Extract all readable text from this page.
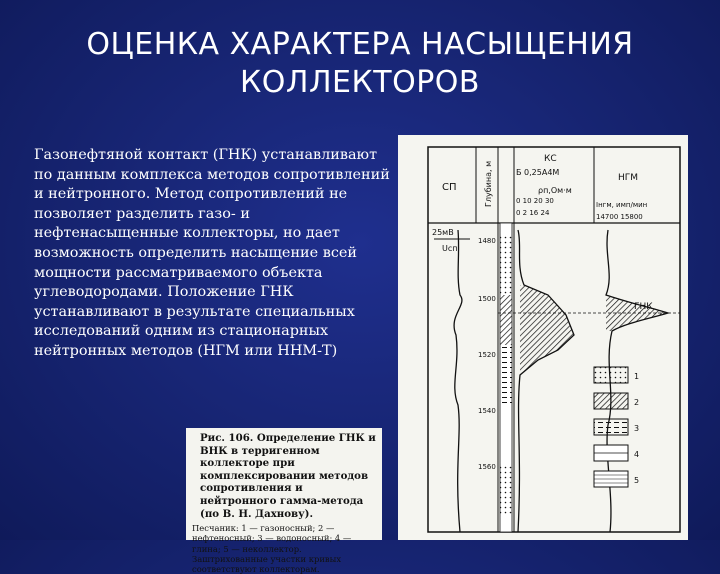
ОЦЕНКА ХАРАКТЕРА НАСЫЩЕНИЯ
КОЛЛЕКТОРОВ
Газонефтяной контакт (ГНК) устанавливают по данным комплекса методов сопротивлений и нейтронного. Метод сопротивлений не позволяет разделить газо- и нефтенасыщенные коллекторы, но дает возможность определить насыщение всей мощности рассматриваемого объекта углеводородами. Положение ГНК устанавливают в результате специальных исследований одним из стационарных нейтронных методов (НГМ или ННМ-Т)
СП	Глубина, м
КС
Б 0,25А4М
ρп,Ом·м
0 10 20 30
0 2 16 24
НГМ
Iнгм, имп/мин
14700 15800
25мВ
Uсп
1480
1500
1520
1540
1560
ГНК
1
2
3
4
5
Рис. 106. Определение ГНК и ВНК в терригенном коллекторе при комплексировании методов сопротивления и нейтронного гамма-метода (по В. Н. Дахнову).
Песчаник: 1 — газоносный; 2 — нефтеносный; 3 — водоносный; 4 — глина; 5 — неколлектор. Заштрихованные участки кривых соответствуют коллекторам.
